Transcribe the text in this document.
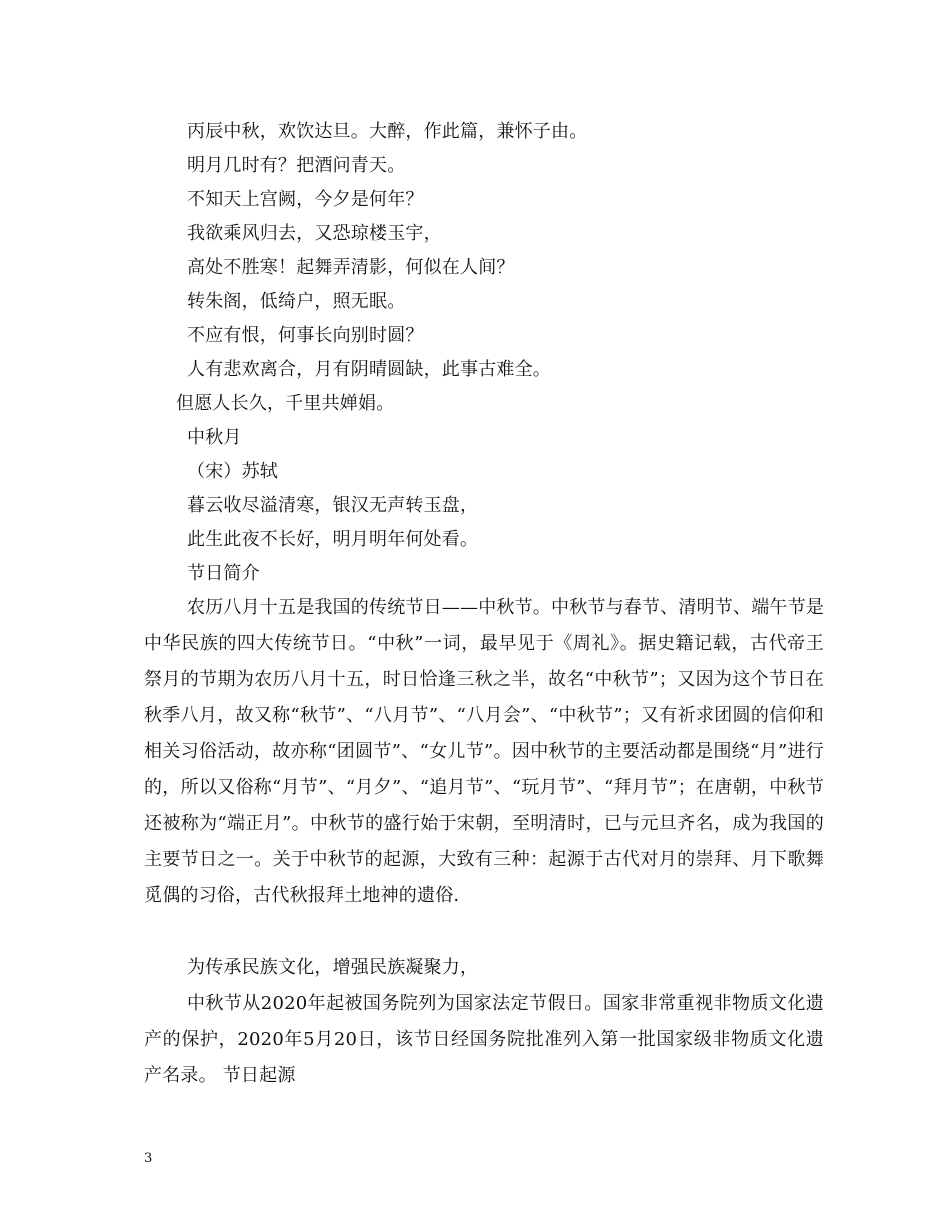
丙辰中秋，欢饮达旦。大醉，作此篇，兼怀子由。
明月几时有？把酒问青天。
不知天上宫阙，今夕是何年？
我欲乘风归去，又恐琼楼玉宇，
高处不胜寒！起舞弄清影，何似在人间？
转朱阁，低绮户，照无眠。
不应有恨，何事长向别时圆？
人有悲欢离合，月有阴晴圆缺，此事古难全。
但愿人长久，千里共婵娟。
中秋月
（宋）苏轼
暮云收尽溢清寒，银汉无声转玉盘，
此生此夜不长好，明月明年何处看。
节日简介
农历八月十五是我国的传统节日——中秋节。中秋节与春节、清明节、端午节是中华民族的四大传统节日。“中秋”一词，最早见于《周礼》。据史籍记载，古代帝王祭月的节期为农历八月十五，时日恰逢三秋之半，故名“中秋节”；又因为这个节日在秋季八月，故又称“秋节”、“八月节”、“八月会”、“中秋节”；又有祈求团圆的信仰和相关习俗活动，故亦称“团圆节”、“女儿节”。因中秋节的主要活动都是围绕“月”进行的，所以又俗称“月节”、“月夕”、“追月节”、“玩月节”、“拜月节”；在唐朝，中秋节还被称为“端正月”。中秋节的盛行始于宋朝，至明清时，已与元旦齐名，成为我国的主要节日之一。关于中秋节的起源，大致有三种：起源于古代对月的崇拜、月下歌舞觅偶的习俗，古代秋报拜土地神的遗俗.
为传承民族文化，增强民族凝聚力，
中秋节从2020年起被国务院列为国家法定节假日。国家非常重视非物质文化遗产的保护，2020年5月20日，该节日经国务院批准列入第一批国家级非物质文化遗产名录。 节日起源
3
